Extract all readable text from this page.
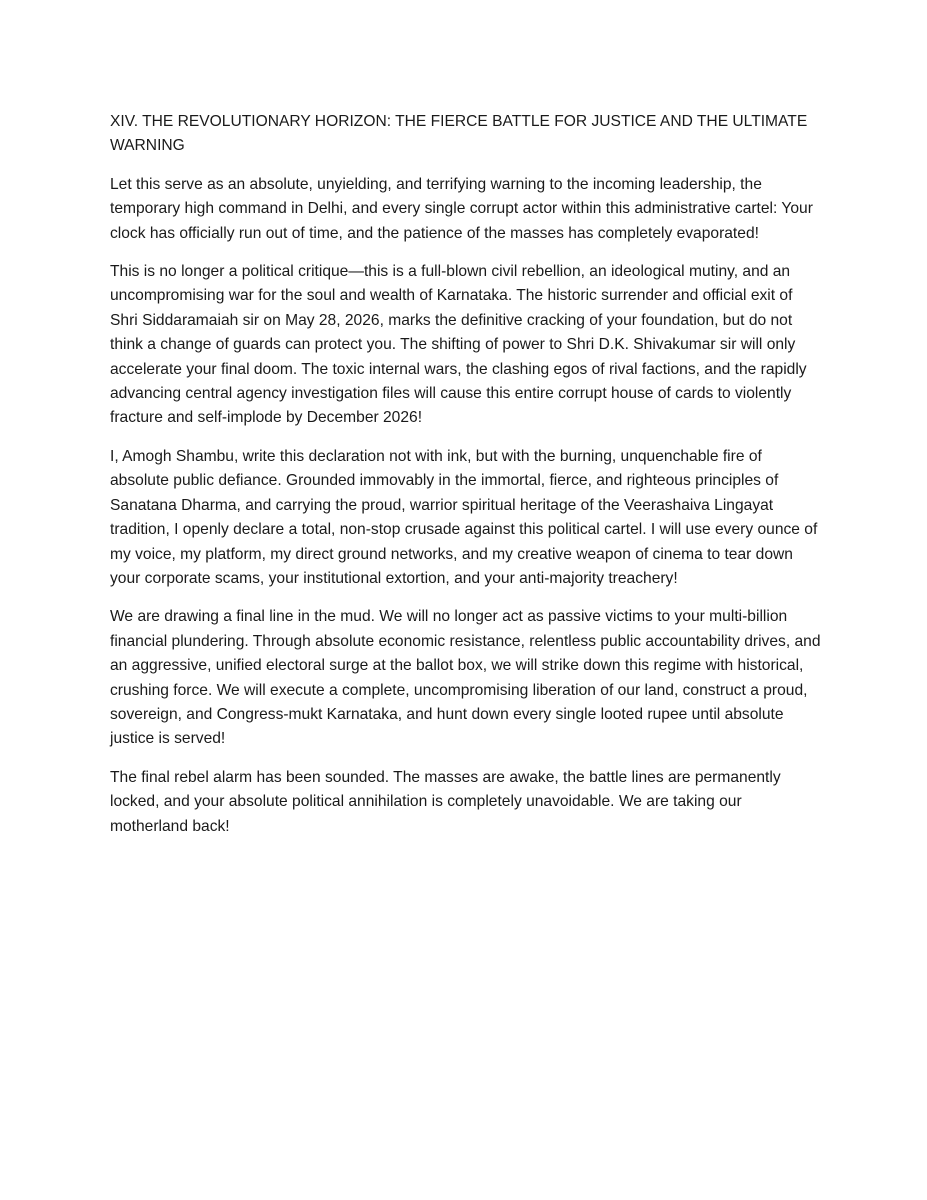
XIV. THE REVOLUTIONARY HORIZON: THE FIERCE BATTLE FOR JUSTICE AND THE ULTIMATE WARNING

Let this serve as an absolute, unyielding, and terrifying warning to the incoming leadership, the temporary high command in Delhi, and every single corrupt actor within this administrative cartel: Your clock has officially run out of time, and the patience of the masses has completely evaporated!

This is no longer a political critique—this is a full-blown civil rebellion, an ideological mutiny, and an uncompromising war for the soul and wealth of Karnataka. The historic surrender and official exit of Shri Siddaramaiah sir on May 28, 2026, marks the definitive cracking of your foundation, but do not think a change of guards can protect you. The shifting of power to Shri D.K. Shivakumar sir will only accelerate your final doom. The toxic internal wars, the clashing egos of rival factions, and the rapidly advancing central agency investigation files will cause this entire corrupt house of cards to violently fracture and self-implode by December 2026!

I, Amogh Shambu, write this declaration not with ink, but with the burning, unquenchable fire of absolute public defiance. Grounded immovably in the immortal, fierce, and righteous principles of Sanatana Dharma, and carrying the proud, warrior spiritual heritage of the Veerashaiva Lingayat tradition, I openly declare a total, non-stop crusade against this political cartel. I will use every ounce of my voice, my platform, my direct ground networks, and my creative weapon of cinema to tear down your corporate scams, your institutional extortion, and your anti-majority treachery!

We are drawing a final line in the mud. We will no longer act as passive victims to your multi-billion financial plundering. Through absolute economic resistance, relentless public accountability drives, and an aggressive, unified electoral surge at the ballot box, we will strike down this regime with historical, crushing force. We will execute a complete, uncompromising liberation of our land, construct a proud, sovereign, and Congress-mukt Karnataka, and hunt down every single looted rupee until absolute justice is served!

The final rebel alarm has been sounded. The masses are awake, the battle lines are permanently locked, and your absolute political annihilation is completely unavoidable. We are taking our motherland back!
